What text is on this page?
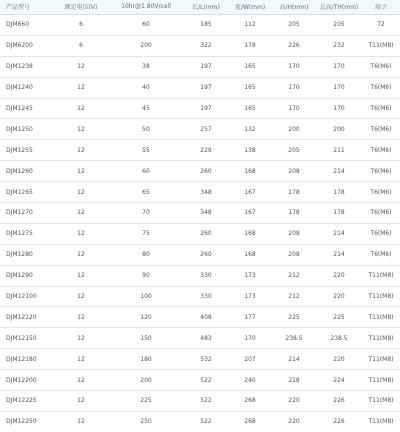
产品型号	额定电压(V)	10hr@1.80V/cell	长/L(mm)	宽/W(mm)	高/H(mm)	总高/TH(mm)	端子
DJM660	6	60	185	112	205	205	T2
DJM6200	6	200	322	178	226	232	T11(M8)
DJM1238	12	38	197	165	170	170	T6(M6)
DJM1240	12	40	197	165	170	170	T6(M6)
DJM1245	12	45	197	165	170	170	T6(M6)
DJM1250	12	50	257	132	200	200	T6(M6)
DJM1255	12	55	229	138	205	211	T6(M6)
DJM1260	12	60	260	168	208	214	T6(M6)
DJM1265	12	65	348	167	178	178	T6(M6)
DJM1270	12	70	348	167	178	178	T6(M6)
DJM1275	12	75	260	168	208	214	T6(M6)
DJM1280	12	80	260	168	208	214	T6(M6)
DJM1290	12	90	330	173	212	220	T11(M8)
DJM12100	12	100	330	173	212	220	T11(M8)
DJM12120	12	120	408	177	225	225	T11(M8)
DJM12150	12	150	483	170	238.5	238.5	T11(M8)
DJM12180	12	180	532	207	214	220	T11(M8)
DJM12200	12	200	522	240	218	224	T11(M8)
DJM12225	12	225	522	268	220	226	T11(M8)
DJM12250	12	250	522	268	220	226	T11(M8)
